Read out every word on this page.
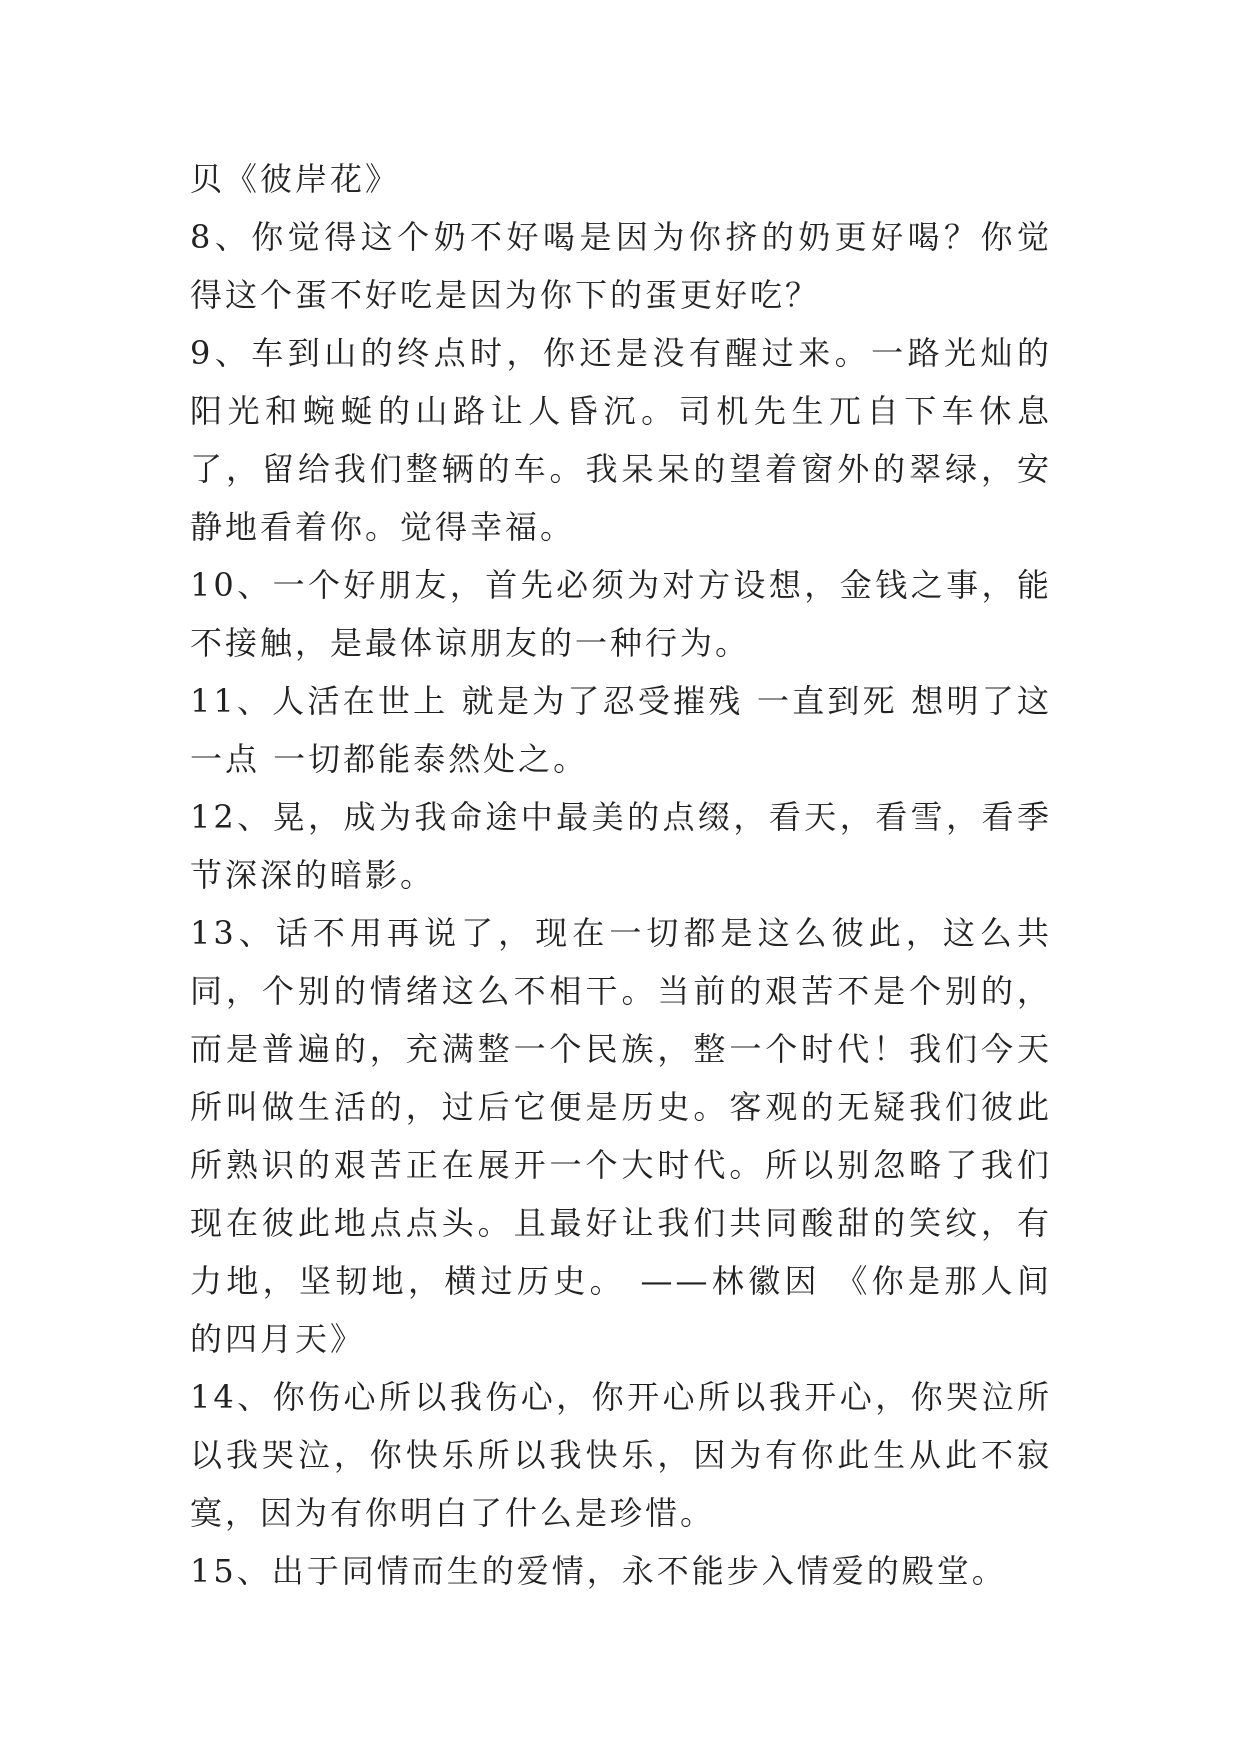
贝《彼岸花》

8、你觉得这个奶不好喝是因为你挤的奶更好喝？你觉得这个蛋不好吃是因为你下的蛋更好吃？

9、车到山的终点时，你还是没有醒过来。一路光灿的阳光和蜿蜒的山路让人昏沉。司机先生兀自下车休息了，留给我们整辆的车。我呆呆的望着窗外的翠绿，安静地看着你。觉得幸福。

10、一个好朋友，首先必须为对方设想，金钱之事，能不接触，是最体谅朋友的一种行为。

11、人活在世上 就是为了忍受摧残 一直到死 想明了这一点 一切都能泰然处之。

12、晃，成为我命途中最美的点缀，看天，看雪，看季节深深的暗影。

13、话不用再说了，现在一切都是这么彼此，这么共同，个别的情绪这么不相干。当前的艰苦不是个别的，而是普遍的，充满整一个民族，整一个时代！我们今天所叫做生活的，过后它便是历史。客观的无疑我们彼此所熟识的艰苦正在展开一个大时代。所以别忽略了我们现在彼此地点点头。且最好让我们共同酸甜的笑纹，有力地，坚韧地，横过历史。 ——林徽因 《你是那人间的四月天》

14、你伤心所以我伤心，你开心所以我开心，你哭泣所以我哭泣，你快乐所以我快乐，因为有你此生从此不寂寞，因为有你明白了什么是珍惜。

15、出于同情而生的爱情，永不能步入情爱的殿堂。
